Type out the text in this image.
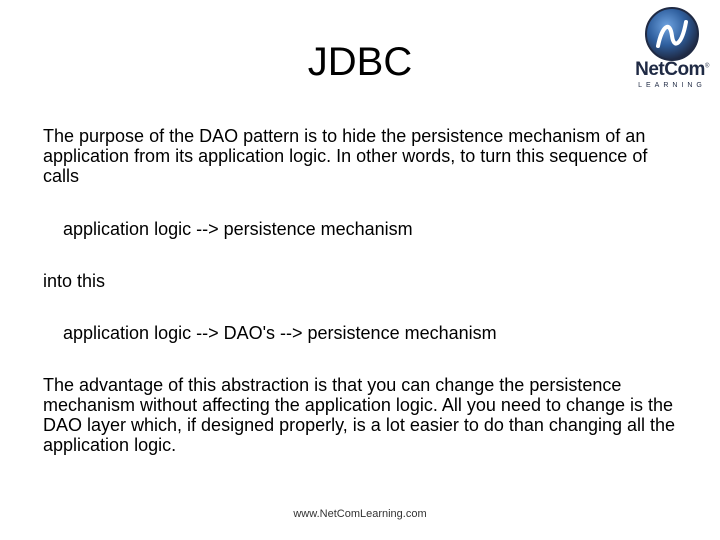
JDBC	NetCom®
LEARNING

The purpose of the DAO pattern is to hide the persistence mechanism of an application from its application logic. In other words, to turn this sequence of calls

application logic --> persistence mechanism

into this

application logic --> DAO's --> persistence mechanism

The advantage of this abstraction is that you can change the persistence mechanism without affecting the application logic. All you need to change is the DAO layer which, if designed properly, is a lot easier to do than changing all the application logic.

www.NetComLearning.com
